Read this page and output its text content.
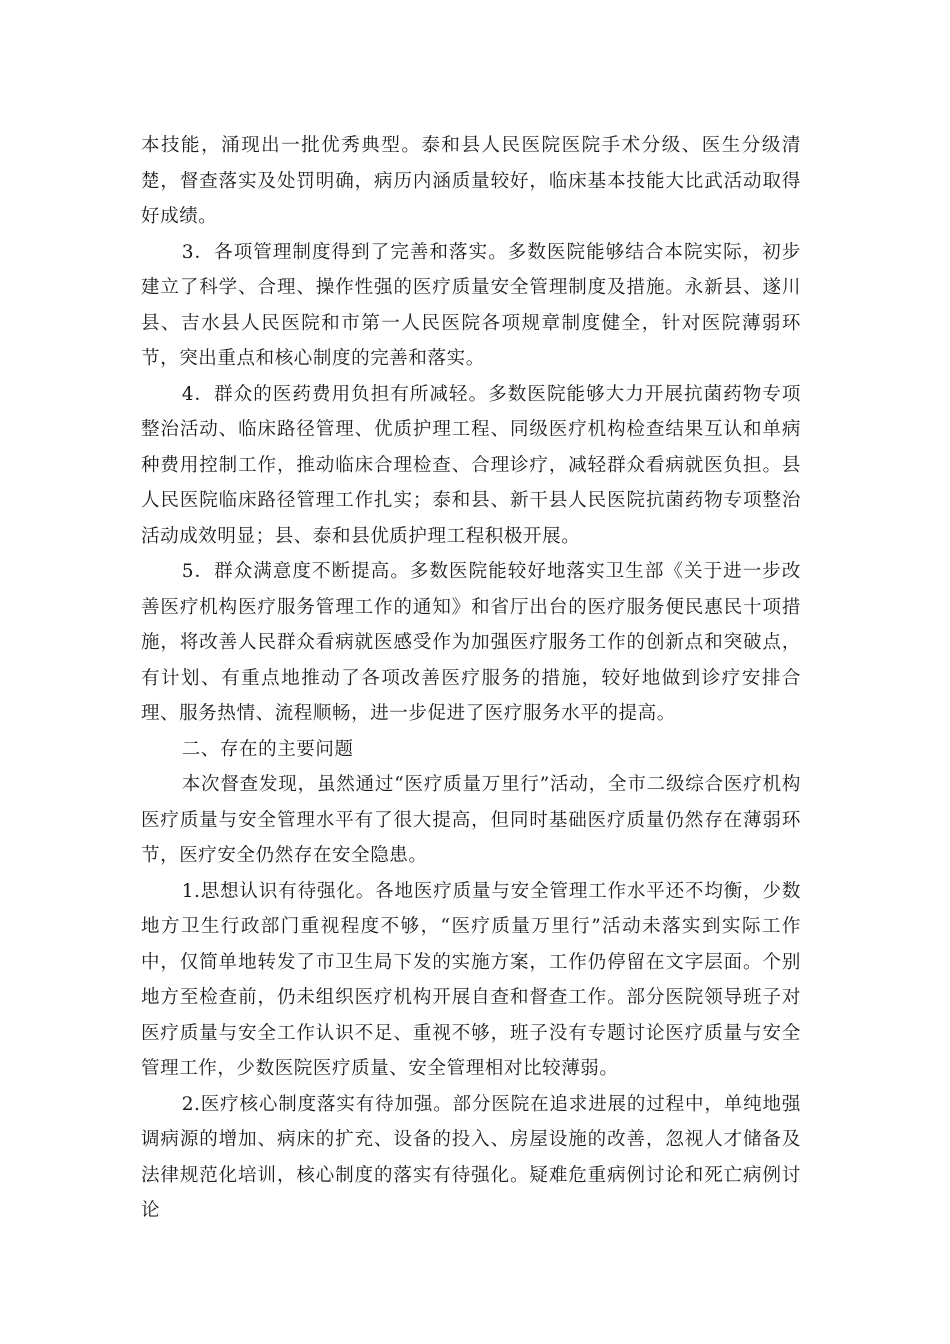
本技能，涌现出一批优秀典型。泰和县人民医院医院手术分级、医生分级清楚，督查落实及处罚明确，病历内涵质量较好，临床基本技能大比武活动取得好成绩。

3．各项管理制度得到了完善和落实。多数医院能够结合本院实际，初步建立了科学、合理、操作性强的医疗质量安全管理制度及措施。永新县、遂川县、吉水县人民医院和市第一人民医院各项规章制度健全，针对医院薄弱环节，突出重点和核心制度的完善和落实。

4．群众的医药费用负担有所减轻。多数医院能够大力开展抗菌药物专项整治活动、临床路径管理、优质护理工程、同级医疗机构检查结果互认和单病种费用控制工作，推动临床合理检查、合理诊疗，减轻群众看病就医负担。县人民医院临床路径管理工作扎实；泰和县、新干县人民医院抗菌药物专项整治活动成效明显；县、泰和县优质护理工程积极开展。

5．群众满意度不断提高。多数医院能较好地落实卫生部《关于进一步改善医疗机构医疗服务管理工作的通知》和省厅出台的医疗服务便民惠民十项措施，将改善人民群众看病就医感受作为加强医疗服务工作的创新点和突破点，有计划、有重点地推动了各项改善医疗服务的措施，较好地做到诊疗安排合理、服务热情、流程顺畅，进一步促进了医疗服务水平的提高。

二、存在的主要问题

本次督查发现，虽然通过“医疗质量万里行”活动，全市二级综合医疗机构医疗质量与安全管理水平有了很大提高，但同时基础医疗质量仍然存在薄弱环节，医疗安全仍然存在安全隐患。

1.思想认识有待强化。各地医疗质量与安全管理工作水平还不均衡，少数地方卫生行政部门重视程度不够，“医疗质量万里行”活动未落实到实际工作中，仅简单地转发了市卫生局下发的实施方案，工作仍停留在文字层面。个别地方至检查前，仍未组织医疗机构开展自查和督查工作。部分医院领导班子对医疗质量与安全工作认识不足、重视不够，班子没有专题讨论医疗质量与安全管理工作，少数医院医疗质量、安全管理相对比较薄弱。

2.医疗核心制度落实有待加强。部分医院在追求进展的过程中，单纯地强调病源的增加、病床的扩充、设备的投入、房屋设施的改善，忽视人才储备及法律规范化培训，核心制度的落实有待强化。疑难危重病例讨论和死亡病例讨论
